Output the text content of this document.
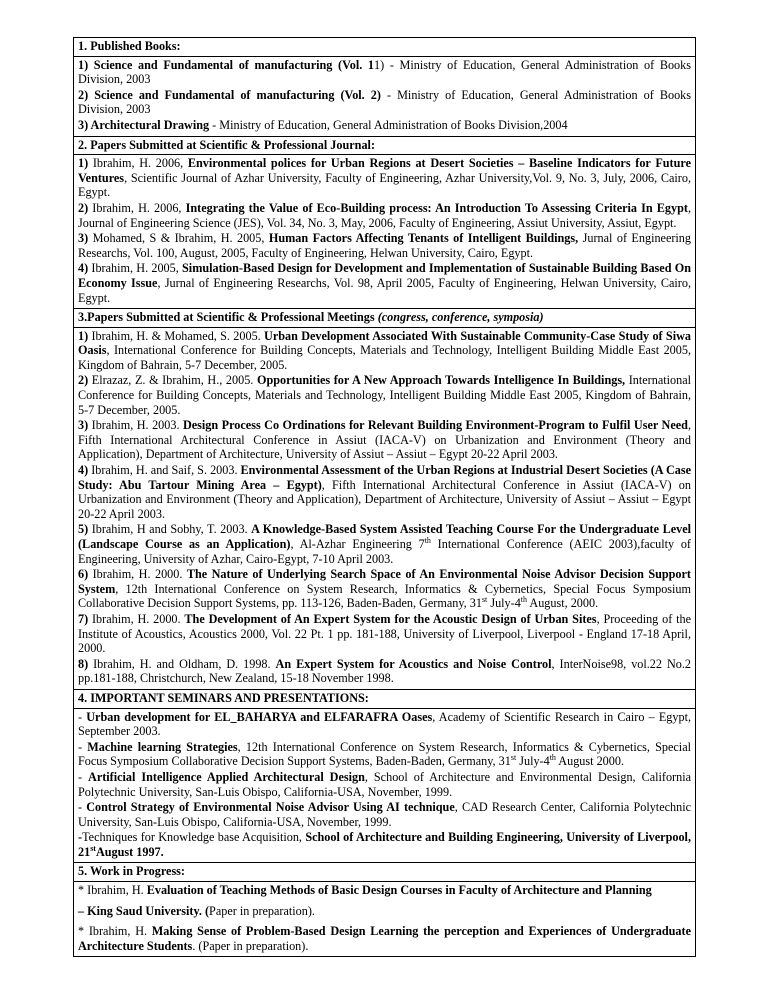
1. Published Books:

1) Science and Fundamental of manufacturing (Vol. 11) - Ministry of Education, General Administration of Books Division, 2003

2) Science and Fundamental of manufacturing (Vol. 2) - Ministry of Education, General Administration of Books Division, 2003

3) Architectural Drawing - Ministry of Education, General Administration of Books Division,2004

2. Papers Submitted at Scientific & Professional Journal:

1) Ibrahim, H. 2006, Environmental polices for Urban Regions at Desert Societies – Baseline Indicators for Future Ventures, Scientific Journal of Azhar University, Faculty of Engineering, Azhar University,Vol. 9, No. 3, July, 2006, Cairo, Egypt.

2) Ibrahim, H. 2006, Integrating the Value of Eco-Building process: An Introduction To Assessing Criteria In Egypt, Journal of Engineering Science (JES), Vol. 34, No. 3, May, 2006, Faculty of Engineering, Assiut University, Assiut, Egypt.

3) Mohamed, S & Ibrahim, H. 2005, Human Factors Affecting Tenants of Intelligent Buildings, Jurnal of Engineering Researchs, Vol. 100, August, 2005, Faculty of Engineering, Helwan University, Cairo, Egypt.

4) Ibrahim, H. 2005, Simulation-Based Design for Development and Implementation of Sustainable Building Based On Economy Issue, Jurnal of Engineering Researchs, Vol. 98, April 2005, Faculty of Engineering, Helwan University, Cairo, Egypt.

3.Papers Submitted at Scientific & Professional Meetings (congress, conference, symposia)

1) Ibrahim, H. & Mohamed, S. 2005. Urban Development Associated With Sustainable Community-Case Study of Siwa Oasis, International Conference for Building Concepts, Materials and Technology, Intelligent Building Middle East 2005, Kingdom of Bahrain, 5-7 December, 2005.

2) Elrazaz, Z. & Ibrahim, H., 2005. Opportunities for A New Approach Towards Intelligence In Buildings, International Conference for Building Concepts, Materials and Technology, Intelligent Building Middle East 2005, Kingdom of Bahrain, 5-7 December, 2005.

3) Ibrahim, H. 2003. Design Process Co Ordinations for Relevant Building Environment-Program to Fulfil User Need, Fifth International Architectural Conference in Assiut (IACA-V) on Urbanization and Environment (Theory and Application), Department of Architecture, University of Assiut – Assiut – Egypt 20-22 April 2003.

4) Ibrahim, H. and Saif, S. 2003. Environmental Assessment of the Urban Regions at Industrial Desert Societies (A Case Study: Abu Tartour Mining Area – Egypt), Fifth International Architectural Conference in Assiut (IACA-V) on Urbanization and Environment (Theory and Application), Department of Architecture, University of Assiut – Assiut – Egypt 20-22 April 2003.

5) Ibrahim, H and Sobhy, T. 2003. A Knowledge-Based System Assisted Teaching Course For the Undergraduate Level (Landscape Course as an Application), Al-Azhar Engineering 7th International Conference (AEIC 2003),faculty of Engineering, University of Azhar, Cairo-Egypt, 7-10 April 2003.

6) Ibrahim, H. 2000. The Nature of Underlying Search Space of An Environmental Noise Advisor Decision Support System, 12th International Conference on System Research, Informatics & Cybernetics, Special Focus Symposium Collaborative Decision Support Systems, pp. 113-126, Baden-Baden, Germany, 31st July-4th August, 2000.

7) Ibrahim, H. 2000. The Development of An Expert System for the Acoustic Design of Urban Sites, Proceeding of the Institute of Acoustics, Acoustics 2000, Vol. 22 Pt. 1 pp. 181-188, University of Liverpool, Liverpool - England 17-18 April, 2000.

8) Ibrahim, H. and Oldham, D. 1998. An Expert System for Acoustics and Noise Control, InterNoise98, vol.22 No.2 pp.181-188, Christchurch, New Zealand, 15-18 November 1998.

4. IMPORTANT SEMINARS AND PRESENTATIONS:

- Urban development for EL_BAHARYA and ELFARAFRA Oases, Academy of Scientific Research in Cairo – Egypt, September 2003.

- Machine learning Strategies, 12th International Conference on System Research, Informatics & Cybernetics, Special Focus Symposium Collaborative Decision Support Systems, Baden-Baden, Germany, 31st July-4th August 2000.

- Artificial Intelligence Applied Architectural Design, School of Architecture and Environmental Design, California Polytechnic University, San-Luis Obispo, California-USA, November, 1999.

- Control Strategy of Environmental Noise Advisor Using AI technique, CAD Research Center, California Polytechnic University, San-Luis Obispo, California-USA, November, 1999.

-Techniques for Knowledge base Acquisition, School of Architecture and Building Engineering, University of Liverpool, 21stAugust 1997.

5. Work in Progress:

* Ibrahim, H. Evaluation of Teaching Methods of Basic Design Courses in Faculty of Architecture and Planning

– King Saud University. (Paper in preparation).

* Ibrahim, H. Making Sense of Problem-Based Design Learning the perception and Experiences of Undergraduate Architecture Students. (Paper in preparation).
